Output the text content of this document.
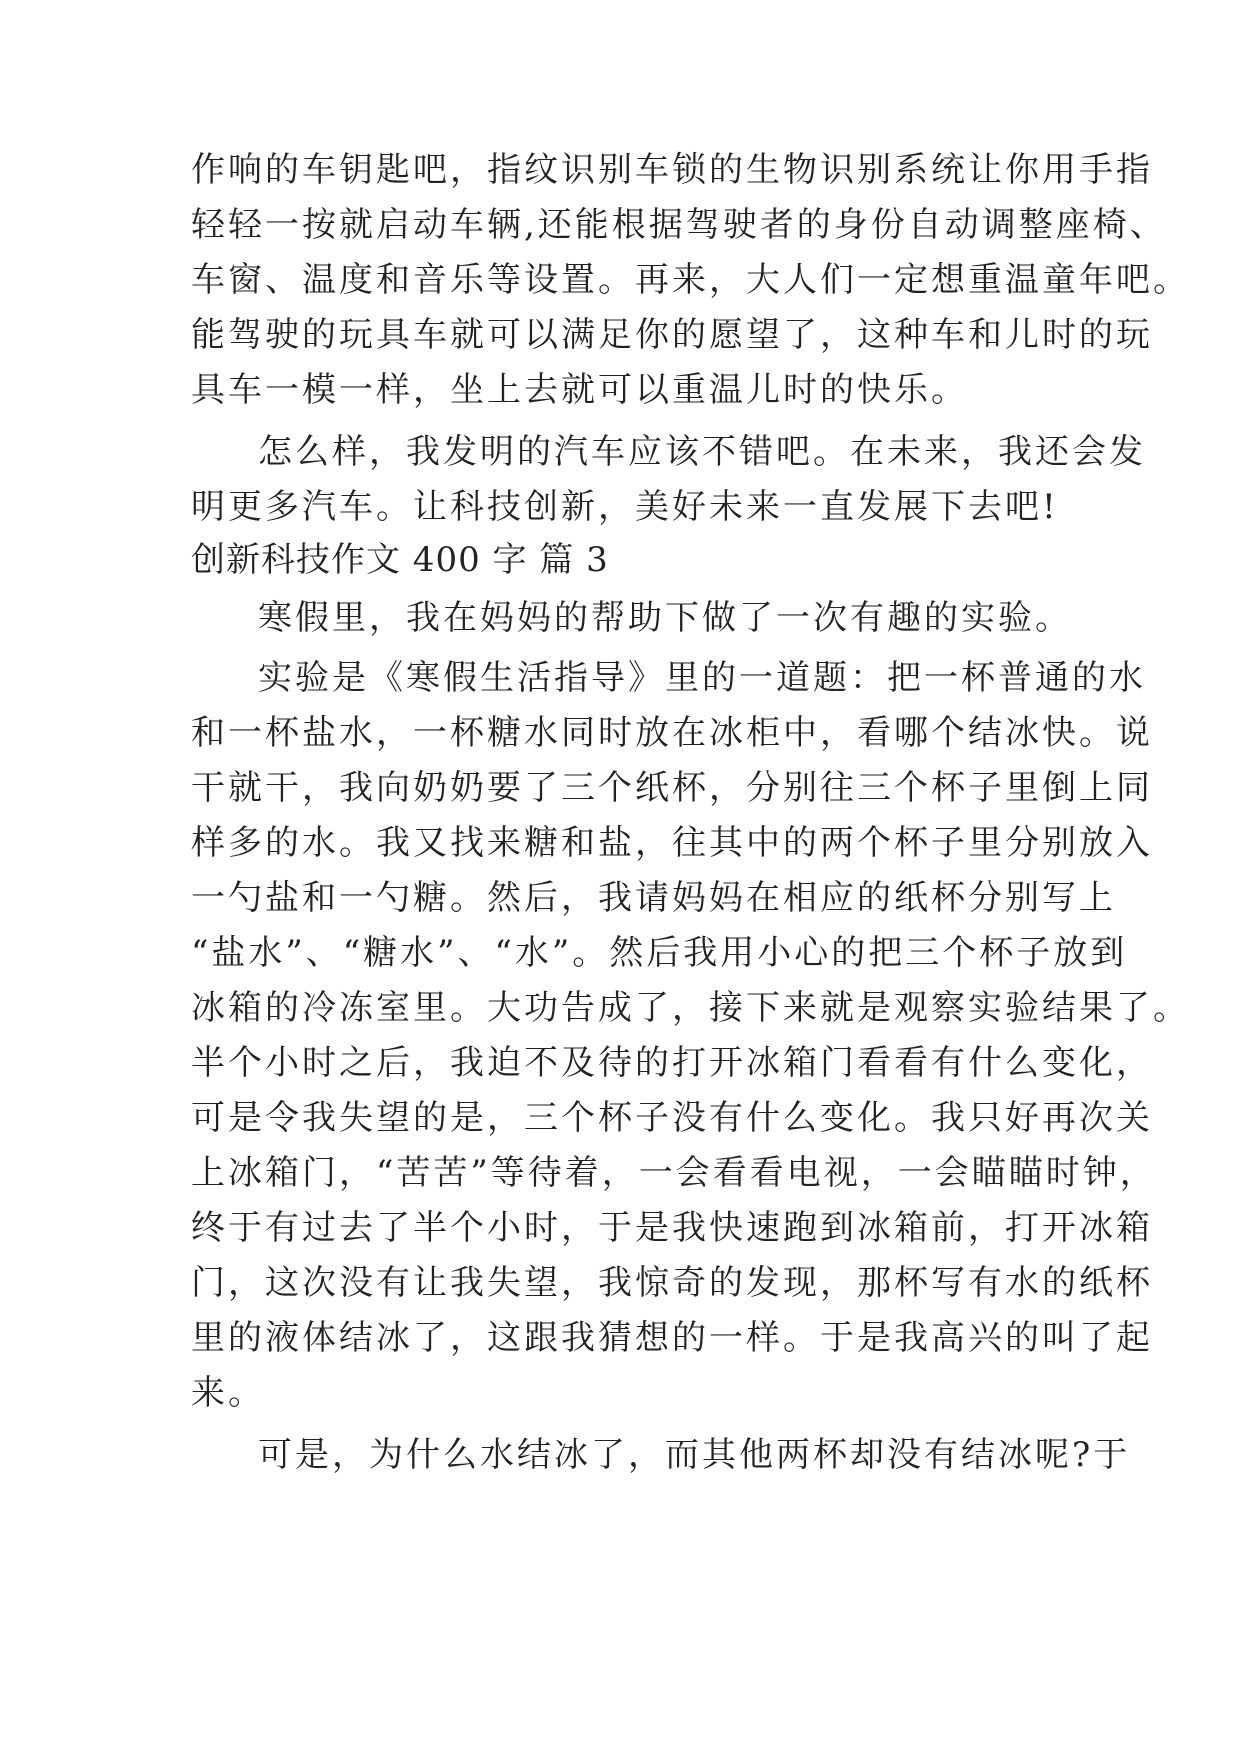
作响的车钥匙吧，指纹识别车锁的生物识别系统让你用手指
轻轻一按就启动车辆,还能根据驾驶者的身份自动调整座椅、
车窗、温度和音乐等设置。再来，大人们一定想重温童年吧。
能驾驶的玩具车就可以满足你的愿望了，这种车和儿时的玩
具车一模一样，坐上去就可以重温儿时的快乐。
怎么样，我发明的汽车应该不错吧。在未来，我还会发
明更多汽车。让科技创新，美好未来一直发展下去吧!
创新科技作文 400 字 篇 3
寒假里，我在妈妈的帮助下做了一次有趣的实验。
实验是《寒假生活指导》里的一道题：把一杯普通的水
和一杯盐水，一杯糖水同时放在冰柜中，看哪个结冰快。说
干就干，我向奶奶要了三个纸杯，分别往三个杯子里倒上同
样多的水。我又找来糖和盐，往其中的两个杯子里分别放入
一勺盐和一勺糖。然后，我请妈妈在相应的纸杯分别写上
“盐水”、“糖水”、“水”。然后我用小心的把三个杯子放到
冰箱的冷冻室里。大功告成了，接下来就是观察实验结果了。
半个小时之后，我迫不及待的打开冰箱门看看有什么变化，
可是令我失望的是，三个杯子没有什么变化。我只好再次关
上冰箱门，“苦苦”等待着，一会看看电视，一会瞄瞄时钟，
终于有过去了半个小时，于是我快速跑到冰箱前，打开冰箱
门，这次没有让我失望，我惊奇的发现，那杯写有水的纸杯
里的液体结冰了，这跟我猜想的一样。于是我高兴的叫了起
来。
可是，为什么水结冰了，而其他两杯却没有结冰呢?于
